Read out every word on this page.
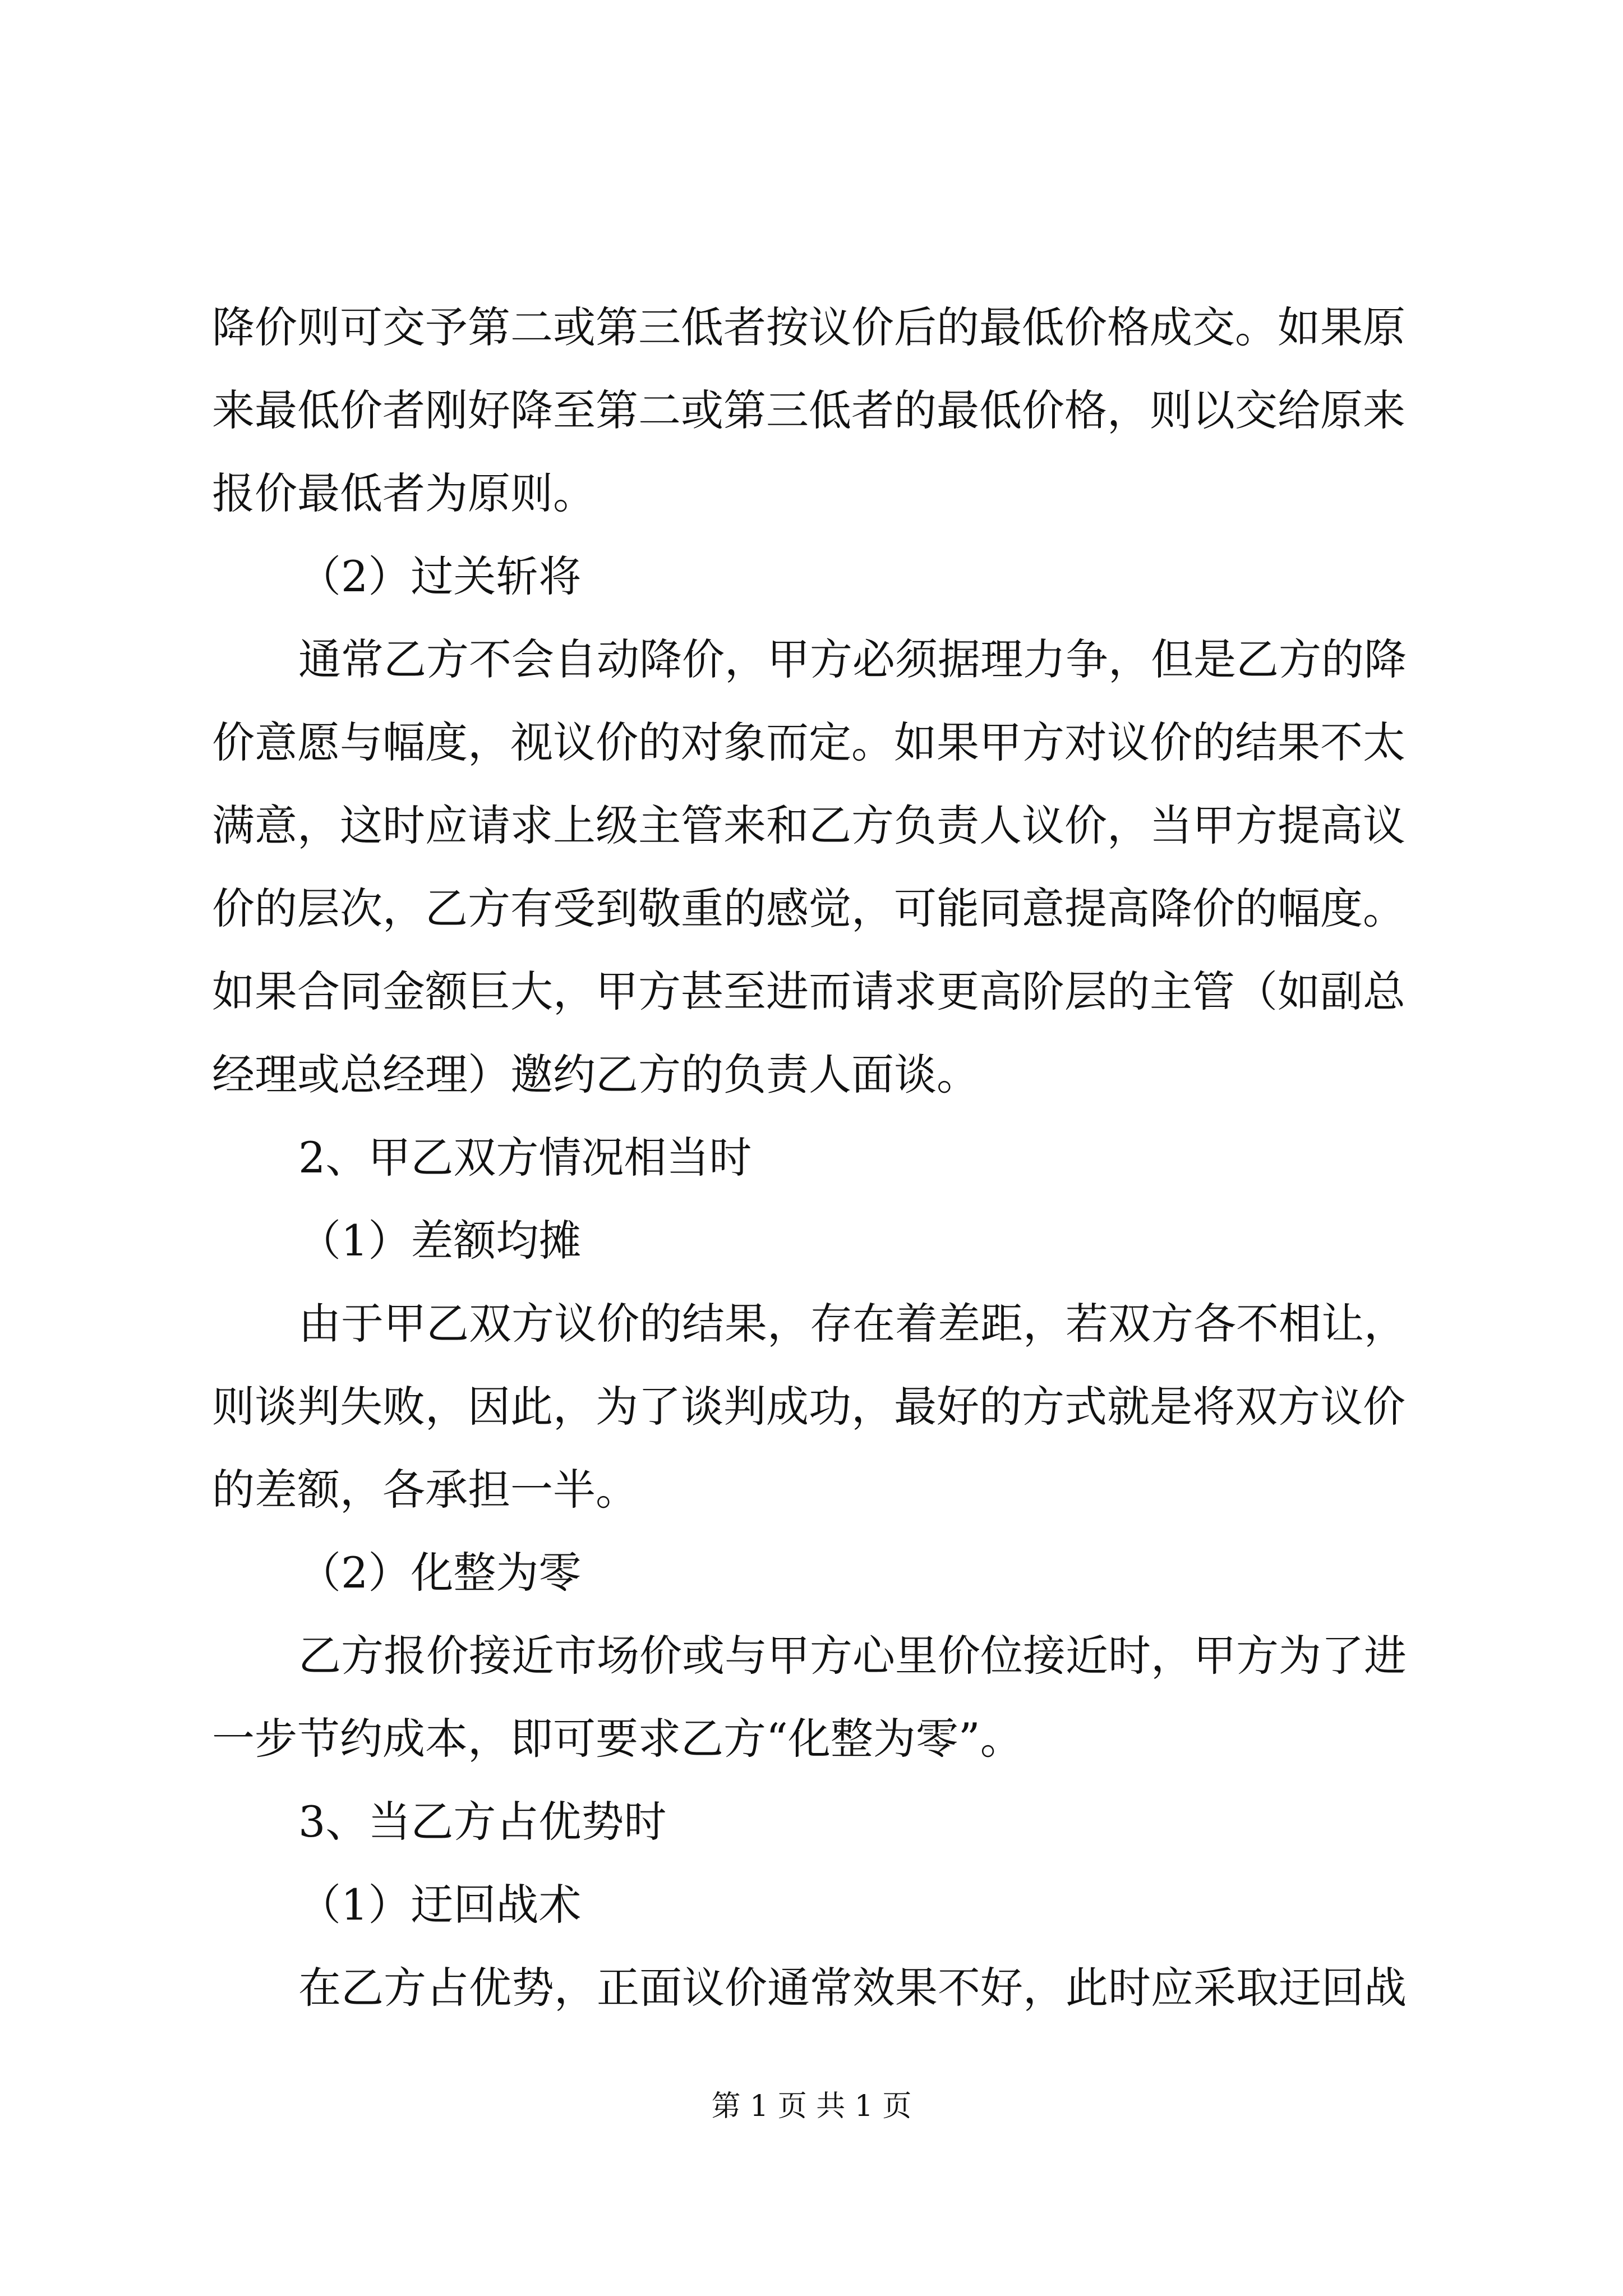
降价则可交予第二或第三低者按议价后的最低价格成交。如果原
来最低价者刚好降至第二或第三低者的最低价格，则以交给原来
报价最低者为原则。
（2）过关斩将
通常乙方不会自动降价，甲方必须据理力争，但是乙方的降
价意愿与幅度，视议价的对象而定。如果甲方对议价的结果不太
满意，这时应请求上级主管来和乙方负责人议价，当甲方提高议
价的层次，乙方有受到敬重的感觉，可能同意提高降价的幅度。
如果合同金额巨大，甲方甚至进而请求更高阶层的主管（如副总
经理或总经理）邀约乙方的负责人面谈。
2、甲乙双方情况相当时
（1）差额均摊
由于甲乙双方议价的结果，存在着差距，若双方各不相让，
则谈判失败，因此，为了谈判成功，最好的方式就是将双方议价
的差额，各承担一半。
（2）化整为零
乙方报价接近市场价或与甲方心里价位接近时，甲方为了进
一步节约成本，即可要求乙方“化整为零”。
3、当乙方占优势时
（1）迂回战术
在乙方占优势，正面议价通常效果不好，此时应采取迂回战
第 1 页 共 1 页
